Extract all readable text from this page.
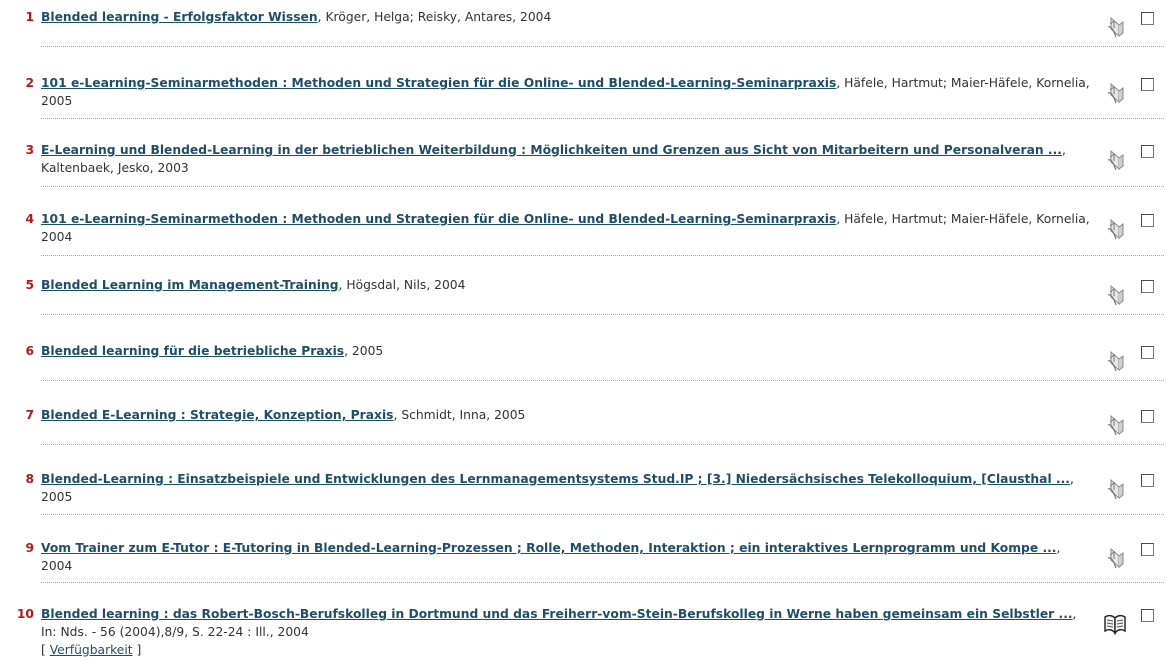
1 Blended learning - Erfolgsfaktor Wissen, Kröger, Helga; Reisky, Antares, 2004
2 101 e-Learning-Seminarmethoden : Methoden und Strategien für die Online- und Blended-Learning-Seminarpraxis, Häfele, Hartmut; Maier-Häfele, Kornelia, 2005
3 E-Learning und Blended-Learning in der betrieblichen Weiterbildung : Möglichkeiten und Grenzen aus Sicht von Mitarbeitern und Personalveran ..., Kaltenbaek, Jesko, 2003
4 101 e-Learning-Seminarmethoden : Methoden und Strategien für die Online- und Blended-Learning-Seminarpraxis, Häfele, Hartmut; Maier-Häfele, Kornelia, 2004
5 Blended Learning im Management-Training, Högsdal, Nils, 2004
6 Blended learning für die betriebliche Praxis, 2005
7 Blended E-Learning : Strategie, Konzeption, Praxis, Schmidt, Inna, 2005
8 Blended-Learning : Einsatzbeispiele und Entwicklungen des Lernmanagementsystems Stud.IP ; [3.] Niedersächsisches Telekolloquium, [Clausthal ..., 2005
9 Vom Trainer zum E-Tutor : E-Tutoring in Blended-Learning-Prozessen ; Rolle, Methoden, Interaktion ; ein interaktives Lernprogramm und Kompe ..., 2004
10 Blended learning : das Robert-Bosch-Berufskolleg in Dortmund und das Freiherr-vom-Stein-Berufskolleg in Werne haben gemeinsam ein Selbstler ..., In: Nds. - 56 (2004),8/9, S. 22-24 : Ill., 2004
[ Verfügbarkeit ]
